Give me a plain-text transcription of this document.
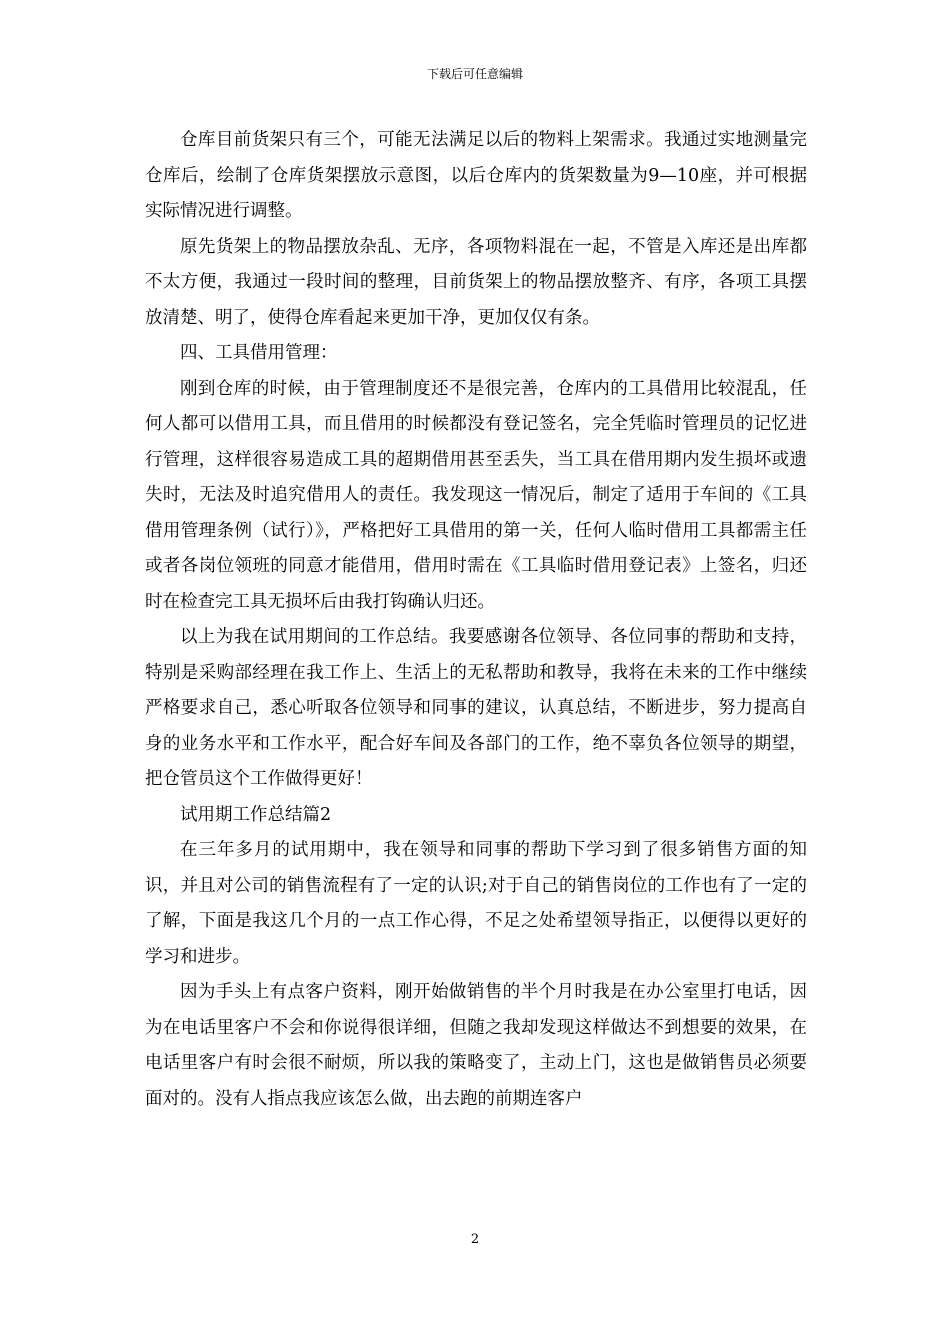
下载后可任意编辑

仓库目前货架只有三个，可能无法满足以后的物料上架需求。我通过实地测量完仓库后，绘制了仓库货架摆放示意图，以后仓库内的货架数量为9—10座，并可根据实际情况进行调整。

原先货架上的物品摆放杂乱、无序，各项物料混在一起，不管是入库还是出库都不太方便，我通过一段时间的整理，目前货架上的物品摆放整齐、有序，各项工具摆放清楚、明了，使得仓库看起来更加干净，更加仅仅有条。

四、工具借用管理：

刚到仓库的时候，由于管理制度还不是很完善，仓库内的工具借用比较混乱，任何人都可以借用工具，而且借用的时候都没有登记签名，完全凭临时管理员的记忆进行管理，这样很容易造成工具的超期借用甚至丢失，当工具在借用期内发生损坏或遗失时，无法及时追究借用人的责任。我发现这一情况后，制定了适用于车间的《工具借用管理条例（试行）》，严格把好工具借用的第一关，任何人临时借用工具都需主任或者各岗位领班的同意才能借用，借用时需在《工具临时借用登记表》上签名，归还时在检查完工具无损坏后由我打钩确认归还。

以上为我在试用期间的工作总结。我要感谢各位领导、各位同事的帮助和支持，特别是采购部经理在我工作上、生活上的无私帮助和教导，我将在未来的工作中继续严格要求自己，悉心听取各位领导和同事的建议，认真总结，不断进步，努力提高自身的业务水平和工作水平，配合好车间及各部门的工作，绝不辜负各位领导的期望，把仓管员这个工作做得更好！

试用期工作总结篇2

在三年多月的试用期中，我在领导和同事的帮助下学习到了很多销售方面的知识，并且对公司的销售流程有了一定的认识;对于自己的销售岗位的工作也有了一定的了解，下面是我这几个月的一点工作心得，不足之处希望领导指正，以便得以更好的学习和进步。

因为手头上有点客户资料，刚开始做销售的半个月时我是在办公室里打电话，因为在电话里客户不会和你说得很详细，但随之我却发现这样做达不到想要的效果，在电话里客户有时会很不耐烦，所以我的策略变了，主动上门，这也是做销售员必须要面对的。没有人指点我应该怎么做，出去跑的前期连客户

2
